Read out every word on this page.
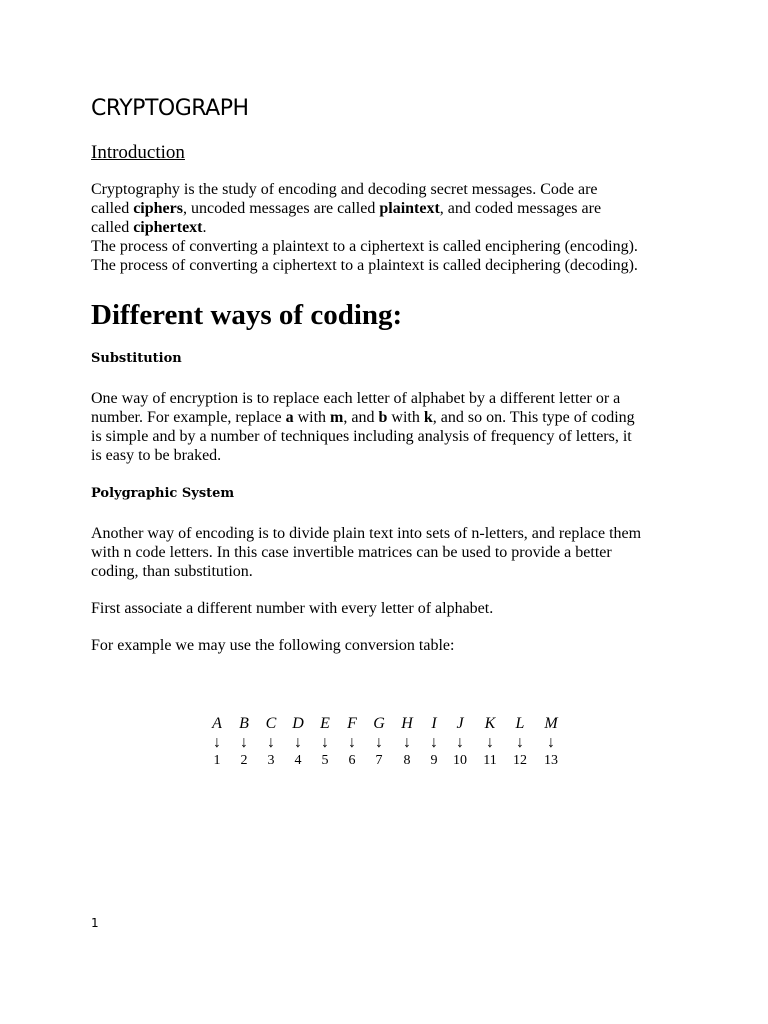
CRYPTOGRAPH
Introduction
Cryptography is the study of encoding and decoding secret messages. Code are
called ciphers, uncoded messages are called plaintext, and coded messages are
called ciphertext.
The process of converting a plaintext to a ciphertext is called enciphering (encoding).
The process of converting a ciphertext to a plaintext is called deciphering (decoding).
Different ways of coding:
Substitution
One way of encryption is to replace each letter of alphabet by a different letter or a
number. For example, replace a with m, and b with k, and so on. This type of coding
is simple and by a number of techniques including analysis of frequency of letters, it
is easy to be braked.
Polygraphic System
Another way of encoding is to divide plain text into sets of n-letters, and replace them
with n code letters. In this case invertible matrices can be used to provide a better
coding, than substitution.
First associate a different number with every letter of alphabet.
For example we may use the following conversion table:
A
↓
1
B
↓
2
C
↓
3
D
↓
4
E
↓
5
F
↓
6
G
↓
7
H
↓
8
I
↓
9
J
↓
10
K
↓
11
L
↓
12
M
↓
13
1
